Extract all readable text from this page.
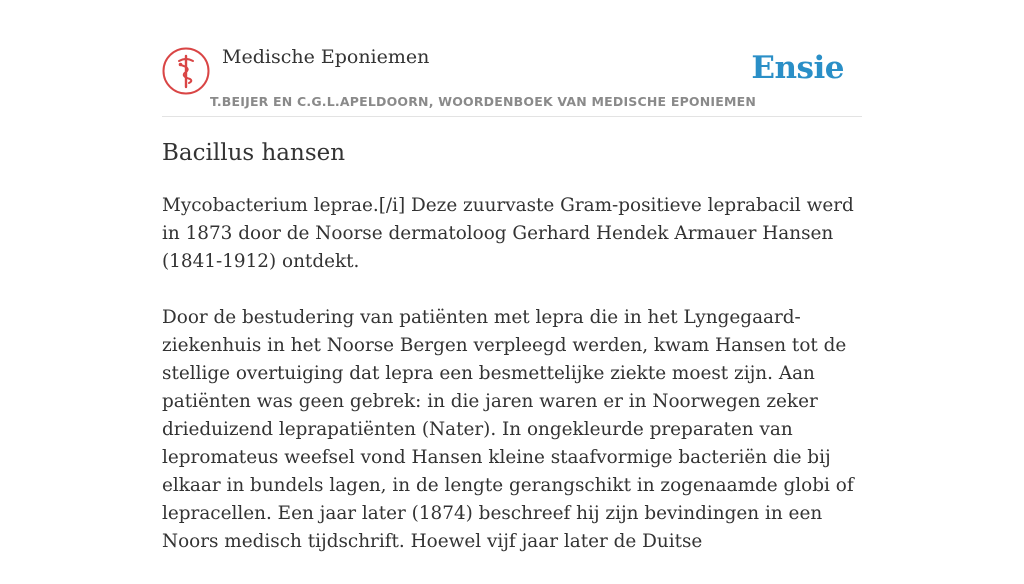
Medische Eponiemen
T.BEIJER EN C.G.L.APELDOORN, WOORDENBOEK VAN MEDISCHE EPONIEMEN
Ensie
Bacillus hansen

Mycobacterium leprae.[/i] Deze zuurvaste Gram-positieve leprabacil werd in 1873 door de Noorse dermatoloog Gerhard Hendek Armauer Hansen (1841-1912) ontdekt.

Door de bestudering van patiënten met lepra die in het Lyngegaard-ziekenhuis in het Noorse Bergen verpleegd werden, kwam Hansen tot de stellige overtuiging dat lepra een besmettelijke ziekte moest zijn. Aan patiënten was geen gebrek: in die jaren waren er in Noorwegen zeker drieduizend leprapatiënten (Nater). In ongekleurde preparaten van lepromateus weefsel vond Hansen kleine staafvormige bacteriën die bij elkaar in bundels lagen, in de lengte gerangschikt in zogenaamde globi of lepracellen. Een jaar later (1874) beschreef hij zijn bevindingen in een Noors medisch tijdschrift. Hoewel vijf jaar later de Duitse
